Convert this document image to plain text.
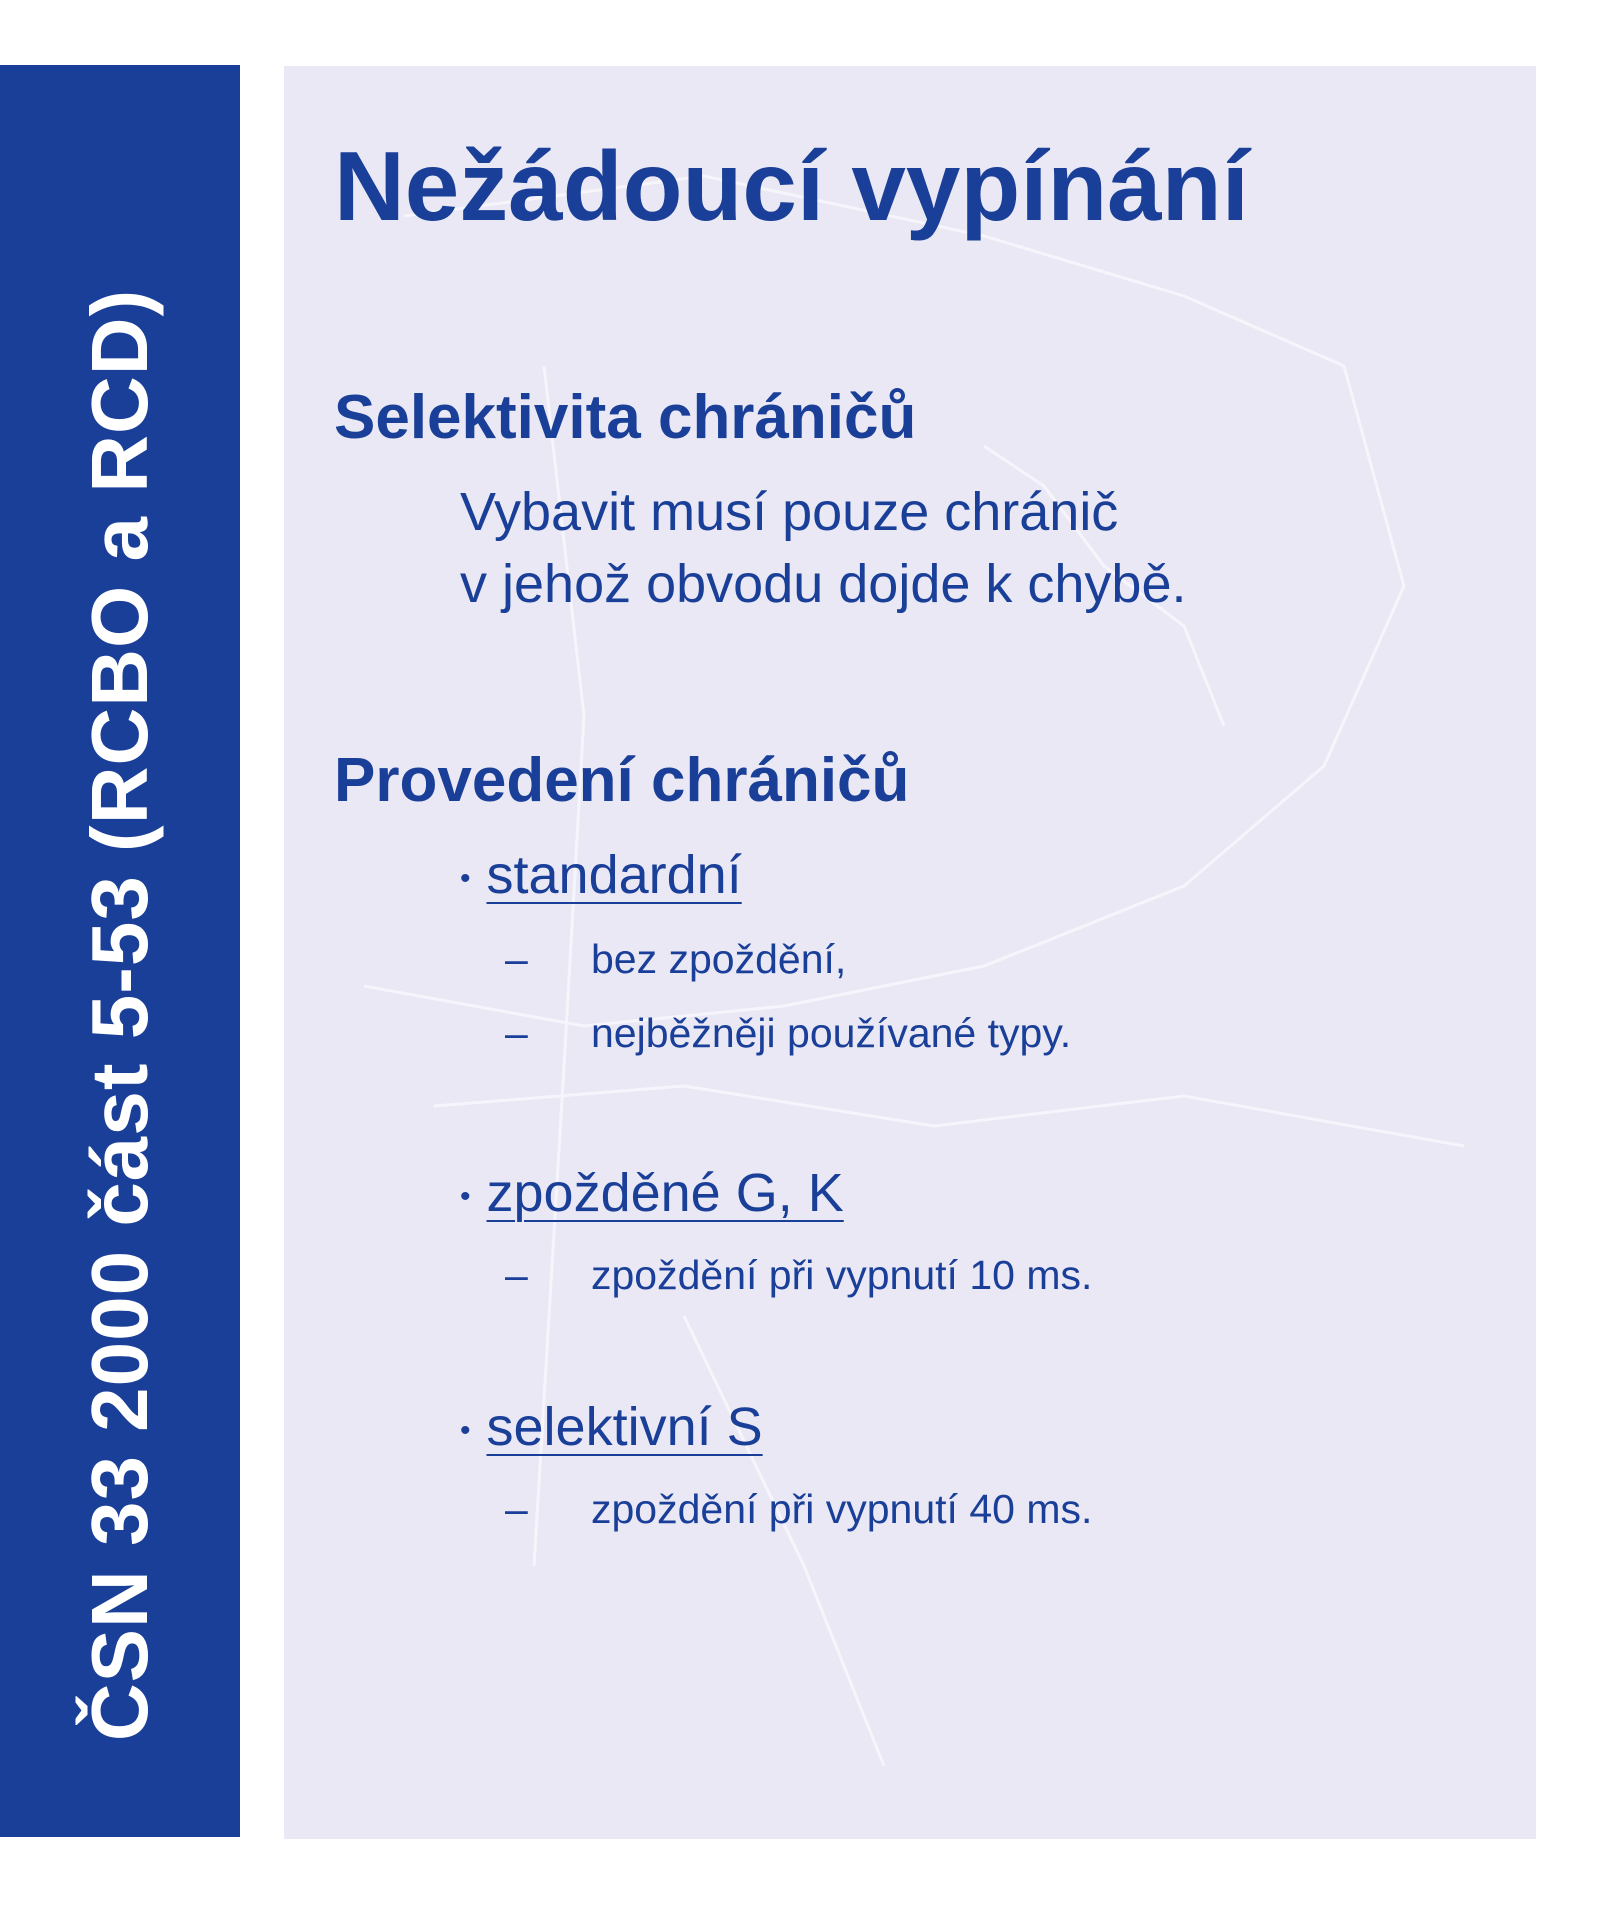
ČSN 33 2000 část 5-53 (RCBO a RCD)
Nežádoucí vypínání
Selektivita chráničů
Vybavit musí pouze chránič
v jehož obvodu dojde k chybě.
Provedení chráničů
• standardní
– bez zpoždění,
– nejběžněji používané typy.
• zpožděné G, K
– zpoždění při vypnutí 10 ms.
• selektivní S
– zpoždění při vypnutí 40 ms.
